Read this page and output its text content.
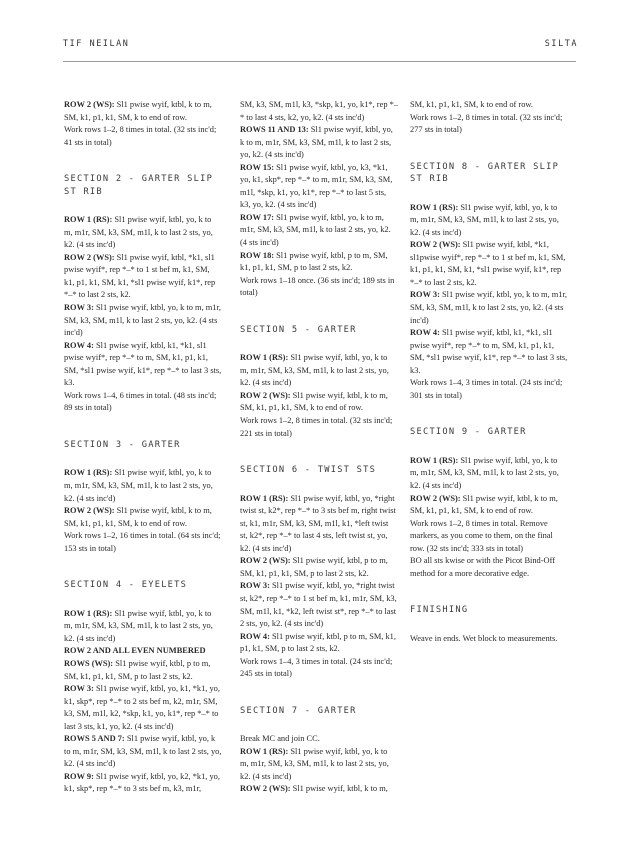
TIF NEILAN	SILTA

ROW 2 (WS): Sl1 pwise wyif, ktbl, k to m, SM, k1, p1, k1, SM, k to end of row.

Work rows 1–2, 8 times in total. (32 sts inc'd; 41 sts in total)

SECTION 2 - GARTER SLIP ST RIB

ROW 1 (RS): Sl1 pwise wyif, ktbl, yo, k to m, m1r, SM, k3, SM, m1l, k to last 2 sts, yo, k2. (4 sts inc'd)

ROW 2 (WS): Sl1 pwise wyif, ktbl, *k1, sl1 pwise wyif*, rep *–* to 1 st bef m, k1, SM, k1, p1, k1, SM, k1, *sl1 pwise wyif, k1*, rep *–* to last 2 sts, k2.

ROW 3: Sl1 pwise wyif, ktbl, yo, k to m, m1r, SM, k3, SM, m1l, k to last 2 sts, yo, k2. (4 sts inc'd)

ROW 4: Sl1 pwise wyif, ktbl, k1, *k1, sl1 pwise wyif*, rep *–* to m, SM, k1, p1, k1, SM, *sl1 pwise wyif, k1*, rep *–* to last 3 sts, k3.

Work rows 1–4, 6 times in total. (48 sts inc'd; 89 sts in total)

SECTION 3 - GARTER

ROW 1 (RS): Sl1 pwise wyif, ktbl, yo, k to m, m1r, SM, k3, SM, m1l, k to last 2 sts, yo, k2. (4 sts inc'd)

ROW 2 (WS): Sl1 pwise wyif, ktbl, k to m, SM, k1, p1, k1, SM, k to end of row.

Work rows 1–2, 16 times in total. (64 sts inc'd; 153 sts in total)

SECTION 4 - EYELETS

ROW 1 (RS): Sl1 pwise wyif, ktbl, yo, k to m, m1r, SM, k3, SM, m1l, k to last 2 sts, yo, k2. (4 sts inc'd)

ROW 2 AND ALL EVEN NUMBERED ROWS (WS): Sl1 pwise wyif, ktbl, p to m, SM, k1, p1, k1, SM, p to last 2 sts, k2.

ROW 3: Sl1 pwise wyif, ktbl, yo, k1, *k1, yo, k1, skp*, rep *–* to 2 sts bef m, k2, m1r, SM, k3, SM, m1l, k2, *skp, k1, yo, k1*, rep *–* to last 3 sts, k1, yo, k2. (4 sts inc'd)

ROWS 5 AND 7: Sl1 pwise wyif, ktbl, yo, k to m, m1r, SM, k3, SM, m1l, k to last 2 sts, yo, k2. (4 sts inc'd)

ROW 9: Sl1 pwise wyif, ktbl, yo, k2, *k1, yo, k1, skp*, rep *–* to 3 sts bef m, k3, m1r,

SM, k3, SM, m1l, k3, *skp, k1, yo, k1*, rep *–* to last 4 sts, k2, yo, k2. (4 sts inc'd)

ROWS 11 AND 13: Sl1 pwise wyif, ktbl, yo, k to m, m1r, SM, k3, SM, m1l, k to last 2 sts, yo, k2. (4 sts inc'd)

ROW 15: Sl1 pwise wyif, ktbl, yo, k3, *k1, yo, k1, skp*, rep *–* to m, m1r, SM, k3, SM, m1l, *skp, k1, yo, k1*, rep *–* to last 5 sts, k3, yo, k2. (4 sts inc'd)

ROW 17: Sl1 pwise wyif, ktbl, yo, k to m, m1r, SM, k3, SM, m1l, k to last 2 sts, yo, k2. (4 sts inc'd)

ROW 18: Sl1 pwise wyif, ktbl, p to m, SM, k1, p1, k1, SM, p to last 2 sts, k2.

Work rows 1–18 once. (36 sts inc'd; 189 sts in total)

SECTION 5 - GARTER

ROW 1 (RS): Sl1 pwise wyif, ktbl, yo, k to m, m1r, SM, k3, SM, m1l, k to last 2 sts, yo, k2. (4 sts inc'd)

ROW 2 (WS): Sl1 pwise wyif, ktbl, k to m, SM, k1, p1, k1, SM, k to end of row.

Work rows 1–2, 8 times in total. (32 sts inc'd; 221 sts in total)

SECTION 6 - TWIST STS

ROW 1 (RS): Sl1 pwise wyif, ktbl, yo, *right twist st, k2*, rep *–* to 3 sts bef m, right twist st, k1, m1r, SM, k3, SM, m1l, k1, *left twist st, k2*, rep *–* to last 4 sts, left twist st, yo, k2. (4 sts inc'd)

ROW 2 (WS): Sl1 pwise wyif, ktbl, p to m, SM, k1, p1, k1, SM, p to last 2 sts, k2.

ROW 3: Sl1 pwise wyif, ktbl, yo, *right twist st, k2*, rep *–* to 1 st bef m, k1, m1r, SM, k3, SM, m1l, k1, *k2, left twist st*, rep *–* to last 2 sts, yo, k2. (4 sts inc'd)

ROW 4: Sl1 pwise wyif, ktbl, p to m, SM, k1, p1, k1, SM, p to last 2 sts, k2.

Work rows 1–4, 3 times in total. (24 sts inc'd; 245 sts in total)

SECTION 7 - GARTER

Break MC and join CC.

ROW 1 (RS): Sl1 pwise wyif, ktbl, yo, k to m, m1r, SM, k3, SM, m1l, k to last 2 sts, yo, k2. (4 sts inc'd)

ROW 2 (WS): Sl1 pwise wyif, ktbl, k to m,

SM, k1, p1, k1, SM, k to end of row.

Work rows 1–2, 8 times in total. (32 sts inc'd; 277 sts in total)

SECTION 8 - GARTER SLIP ST RIB

ROW 1 (RS): Sl1 pwise wyif, ktbl, yo, k to m, m1r, SM, k3, SM, m1l, k to last 2 sts, yo, k2. (4 sts inc'd)

ROW 2 (WS): Sl1 pwise wyif, ktbl, *k1, sl1pwise wyif*, rep *–* to 1 st bef m, k1, SM, k1, p1, k1, SM, k1, *sl1 pwise wyif, k1*, rep *–* to last 2 sts, k2.

ROW 3: Sl1 pwise wyif, ktbl, yo, k to m, m1r, SM, k3, SM, m1l, k to last 2 sts, yo, k2. (4 sts inc'd)

ROW 4: Sl1 pwise wyif, ktbl, k1, *k1, sl1 pwise wyif*, rep *–* to m, SM, k1, p1, k1, SM, *sl1 pwise wyif, k1*, rep *–* to last 3 sts, k3.

Work rows 1–4, 3 times in total. (24 sts inc'd; 301 sts in total)

SECTION 9 - GARTER

ROW 1 (RS): Sl1 pwise wyif, ktbl, yo, k to m, m1r, SM, k3, SM, m1l, k to last 2 sts, yo, k2. (4 sts inc'd)

ROW 2 (WS): Sl1 pwise wyif, ktbl, k to m, SM, k1, p1, k1, SM, k to end of row.

Work rows 1–2, 8 times in total. Remove markers, as you come to them, on the final row. (32 sts inc'd; 333 sts in total)

BO all sts kwise or with the Picot Bind-Off method for a more decorative edge.

FINISHING

Weave in ends. Wet block to measurements.
